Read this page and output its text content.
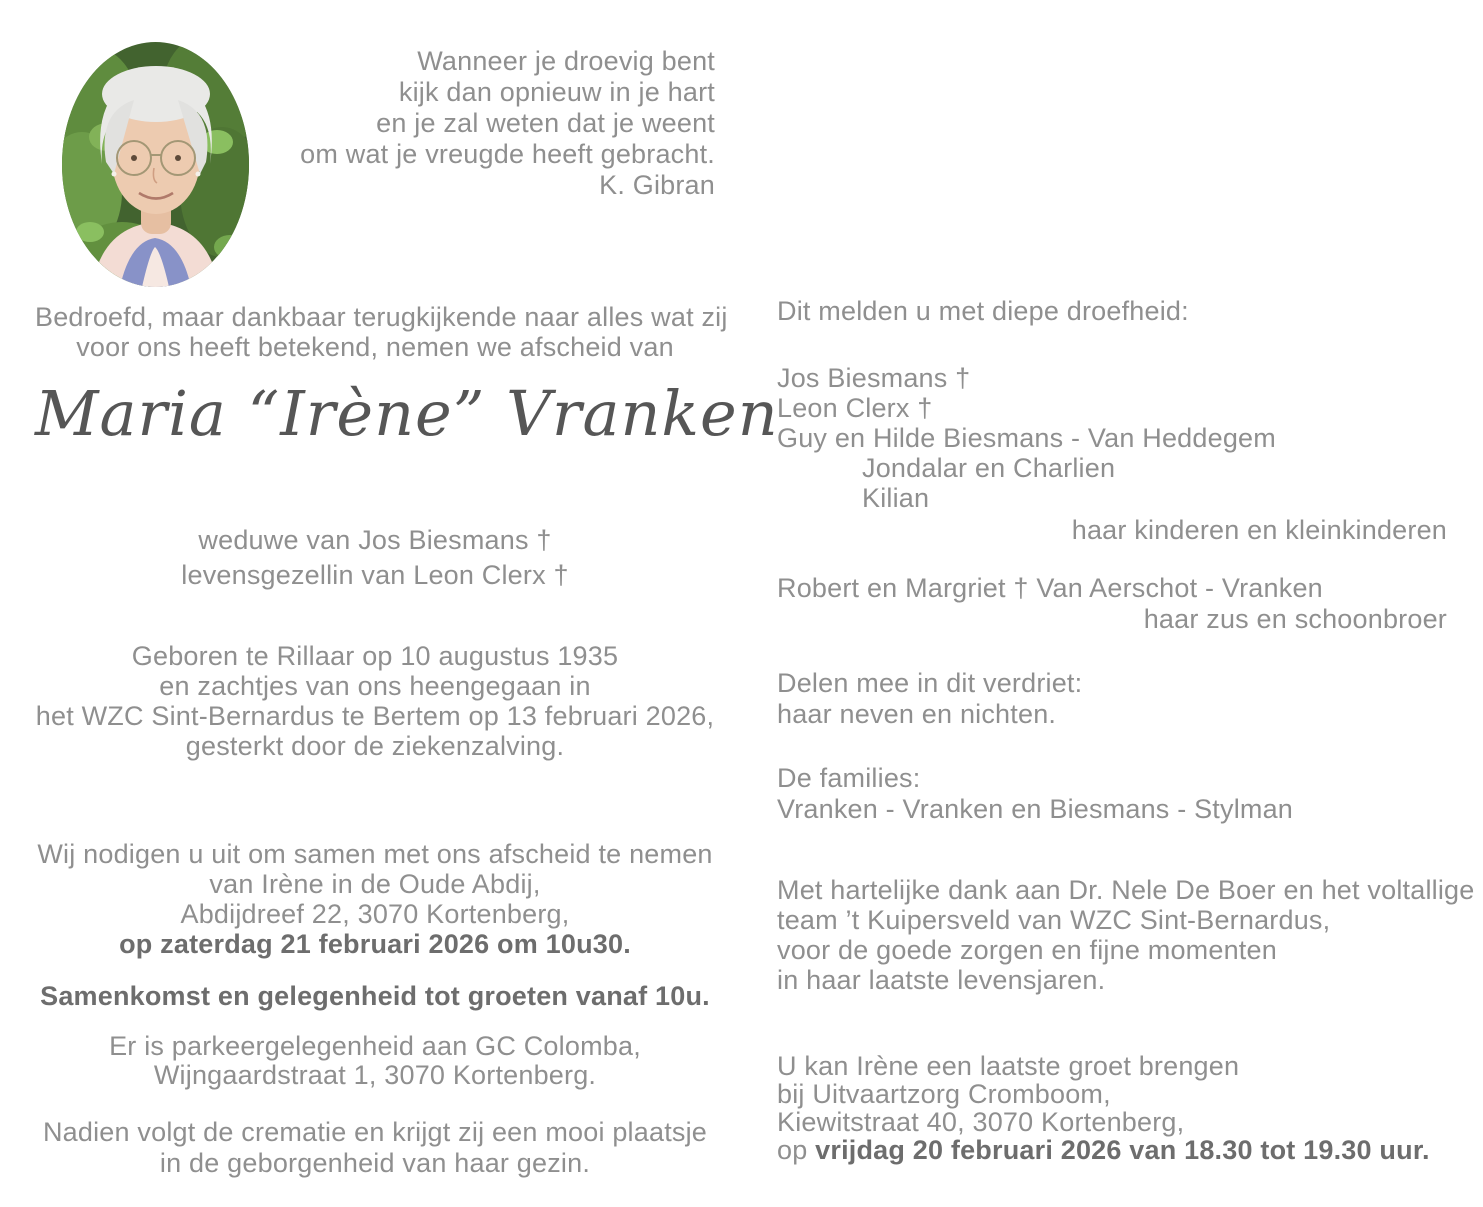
Wanneer je droevig bent
kijk dan opnieuw in je hart
en je zal weten dat je weent
om wat je vreugde heeft gebracht.
K. Gibran
Bedroefd, maar dankbaar terugkijkende naar alles wat zij
voor ons heeft betekend, nemen we afscheid van
Maria “Irène” Vranken
weduwe van Jos Biesmans †
levensgezellin van Leon Clerx †
Geboren te Rillaar op 10 augustus 1935
en zachtjes van ons heengegaan in
het WZC Sint-Bernardus te Bertem op 13 februari 2026,
gesterkt door de ziekenzalving.
Wij nodigen u uit om samen met ons afscheid te nemen
van Irène in de Oude Abdij,
Abdijdreef 22, 3070 Kortenberg,
op zaterdag 21 februari 2026 om 10u30.
Samenkomst en gelegenheid tot groeten vanaf 10u.
Er is parkeergelegenheid aan GC Colomba,
Wijngaardstraat 1, 3070 Kortenberg.
Nadien volgt de crematie en krijgt zij een mooi plaatsje
in de geborgenheid van haar gezin.
Dit melden u met diepe droefheid:
Jos Biesmans †
Leon Clerx †
Guy en Hilde Biesmans - Van Heddegem
Jondalar en Charlien
Kilian
haar kinderen en kleinkinderen
Robert en Margriet † Van Aerschot - Vranken
haar zus en schoonbroer
Delen mee in dit verdriet:
haar neven en nichten.
De families:
Vranken - Vranken en Biesmans - Stylman
Met hartelijke dank aan Dr. Nele De Boer en het voltallige
team ’t Kuipersveld van WZC Sint-Bernardus,
voor de goede zorgen en fijne momenten
in haar laatste levensjaren.
U kan Irène een laatste groet brengen
bij Uitvaartzorg Cromboom,
Kiewitstraat 40, 3070 Kortenberg,
op vrijdag 20 februari 2026 van 18.30 tot 19.30 uur.
